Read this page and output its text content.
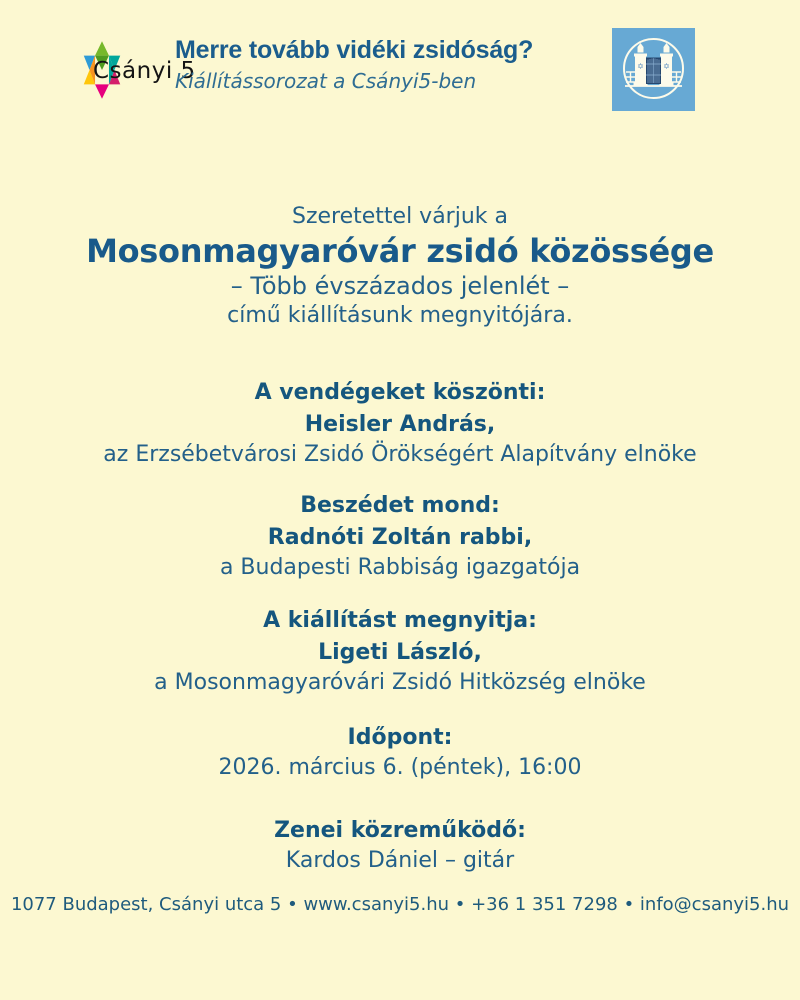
Csányi 5
Merre tovább vidéki zsidóság?
Kiállítássorozat a Csányi5-ben
✡ ✡

Szeretettel várjuk a

Mosonmagyaróvár zsidó közössége

– Több évszázados jelenlét –

című kiállításunk megnyitójára.

A vendégeket köszönti:

Heisler András,

az Erzsébetvárosi Zsidó Örökségért Alapítvány elnöke

Beszédet mond:

Radnóti Zoltán rabbi,

a Budapesti Rabbiság igazgatója

A kiállítást megnyitja:

Ligeti László,

a Mosonmagyaróvári Zsidó Hitközség elnöke

Időpont:

2026. március 6. (péntek), 16:00

Zenei közreműködő:

Kardos Dániel – gitár

1077 Budapest, Csányi utca 5 • www.csanyi5.hu • +36 1 351 7298 • info@csanyi5.hu
